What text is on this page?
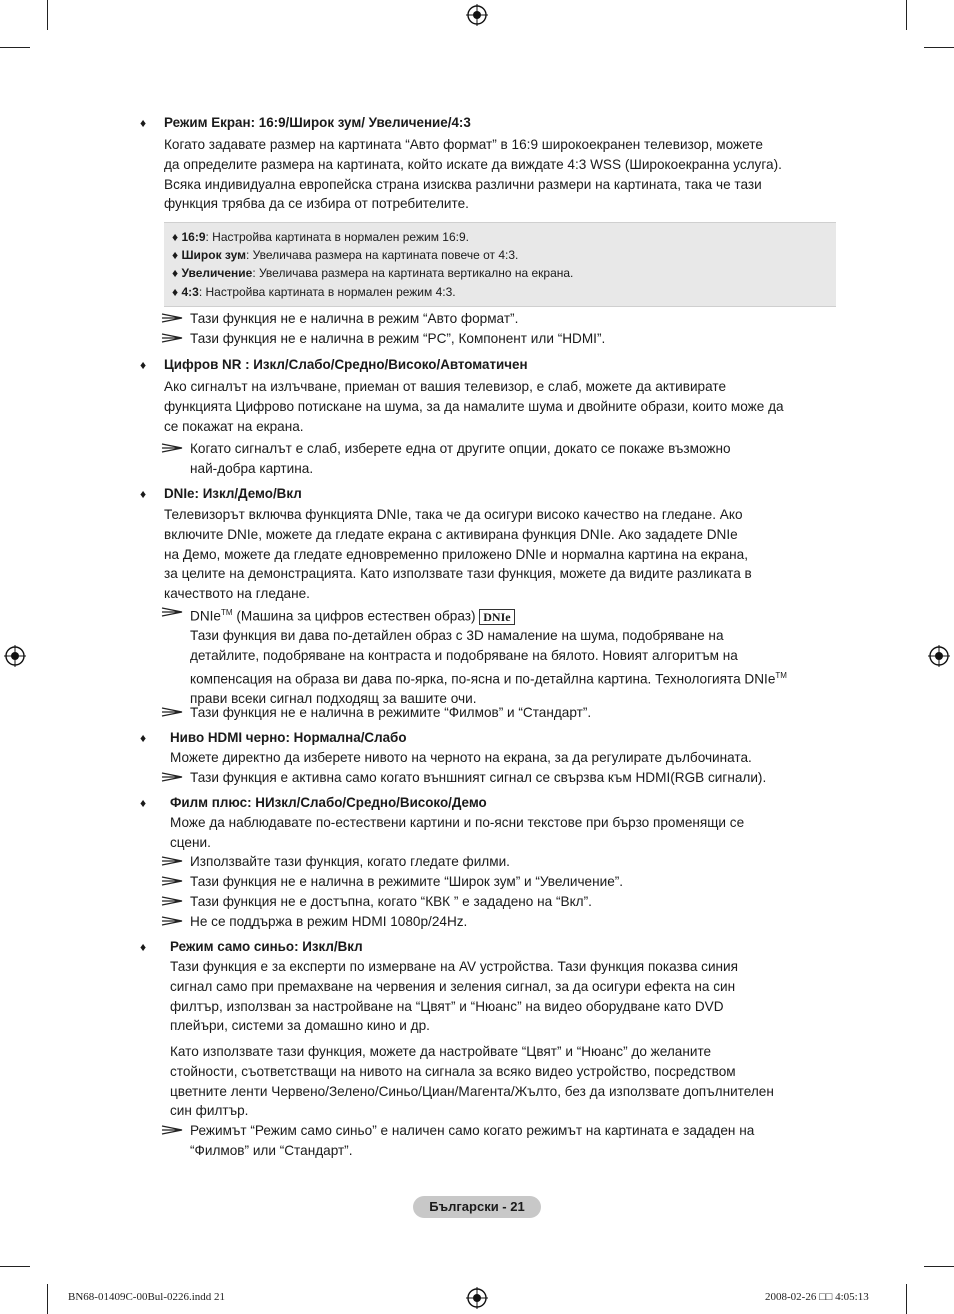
♦ Режим Екран: 16:9/Широк зум/ Увеличение/4:3
Когато задавате размер на картината “Авто формат” в 16:9 широкоекранен телевизор, можете
да определите размера на картината, който искате да виждате 4:3 WSS (Широкоекранна услуга).
Всяка индивидуална европейска страна изисква различни размери на картината, така че тази
функция трябва да се избира от потребителите.
♦ 16:9: Настройва картината в нормален режим 16:9.
♦ Широк зум: Увеличава размера на картината повече от 4:3.
♦ Увеличение: Увеличава размера на картината вертикално на екрана.
♦ 4:3: Настройва картината в нормален режим 4:3.
Тази функция не е налична в режим “Авто формат”.
Тази функция не е налична в режим “PC”, Компонент или “HDMI”.
♦ Цифров NR : Изкл/Слабо/Средно/Високо/Автоматичен
Ако сигналът на излъчване, приеман от вашия телевизор, е слаб, можете да активирате
функцията Цифрово потискане на шума, за да намалите шума и двойните образи, които може да
се покажат на екрана.
Когато сигналът е слаб, изберете една от другите опции, докато се покаже възможно
най-добра картина.
♦ DNIe: Изкл/Демо/Вкл
Телевизорът включва функцията DNIe, така че да осигури високо качество на гледане. Ако
включите DNIe, можете да гледате екрана с активирана функция DNIe. Ако зададете DNIe
на Демо, можете да гледате едновременно приложено DNIe и нормална картина на екрана,
за целите на демонстрацията. Като използвате тази функция, можете да видите разликата в
качеството на гледане.
DNIe™ (Машина за цифров естествен образ) DNIe
Тази функция ви дава по-детайлен образ с 3D намаление на шума, подобряване на
детайлите, подобряване на контраста и подобряване на бялото. Новият алгоритъм на
компенсация на образа ви дава по-ярка, по-ясна и по-детайлна картина. Технологията DNIe™
прави всеки сигнал подходящ за вашите очи.
Тази функция не е налична в режимите “Филмов” и “Стандарт”.
♦ Ниво HDMI черно: Нормална/Слабо
Можете директно да изберете нивото на черното на екрана, за да регулирате дълбочината.
Тази функция е активна само когато външният сигнал се свързва към HDMI(RGB сигнали).
♦ Филм плюс: НИзкл/Слабо/Средно/Високо/Демо
Може да наблюдавате по-естествени картини и по-ясни текстове при бързо променящи се
сцени.
Използвайте тази функция, когато гледате филми.
Тази функция не е налична в режимите “Широк зум” и “Увеличение”.
Тази функция не е достъпна, когато “КВК ” е зададено на “Вкл”.
Не се поддържа в режим HDMI 1080p/24Hz.
♦ Режим само синьо: Изкл/Вкл
Тази функция е за експерти по измерване на AV устройства. Тази функция показва синия
сигнал само при премахване на червения и зеления сигнал, за да осигури ефекта на син
филтър, използван за настройване на “Цвят” и “Нюанс” на видео оборудване като DVD
плейъри, системи за домашно кино и др.
Като използвате тази функция, можете да настройвате “Цвят” и “Нюанс” до желаните
стойности, съответстващи на нивото на сигнала за всяко видео устройство, посредством
цветните ленти Червено/Зелено/Синьо/Циан/Магента/Жълто, без да използвате допълнителен
син филтър.
Режимът “Режим само синьо” е наличен само когато режимът на картината е зададен на
“Филмов” или “Стандарт”.
Български - 21
BN68-01409C-00Bul-0226.indd 21	2008-02-26 □□ 4:05:13
